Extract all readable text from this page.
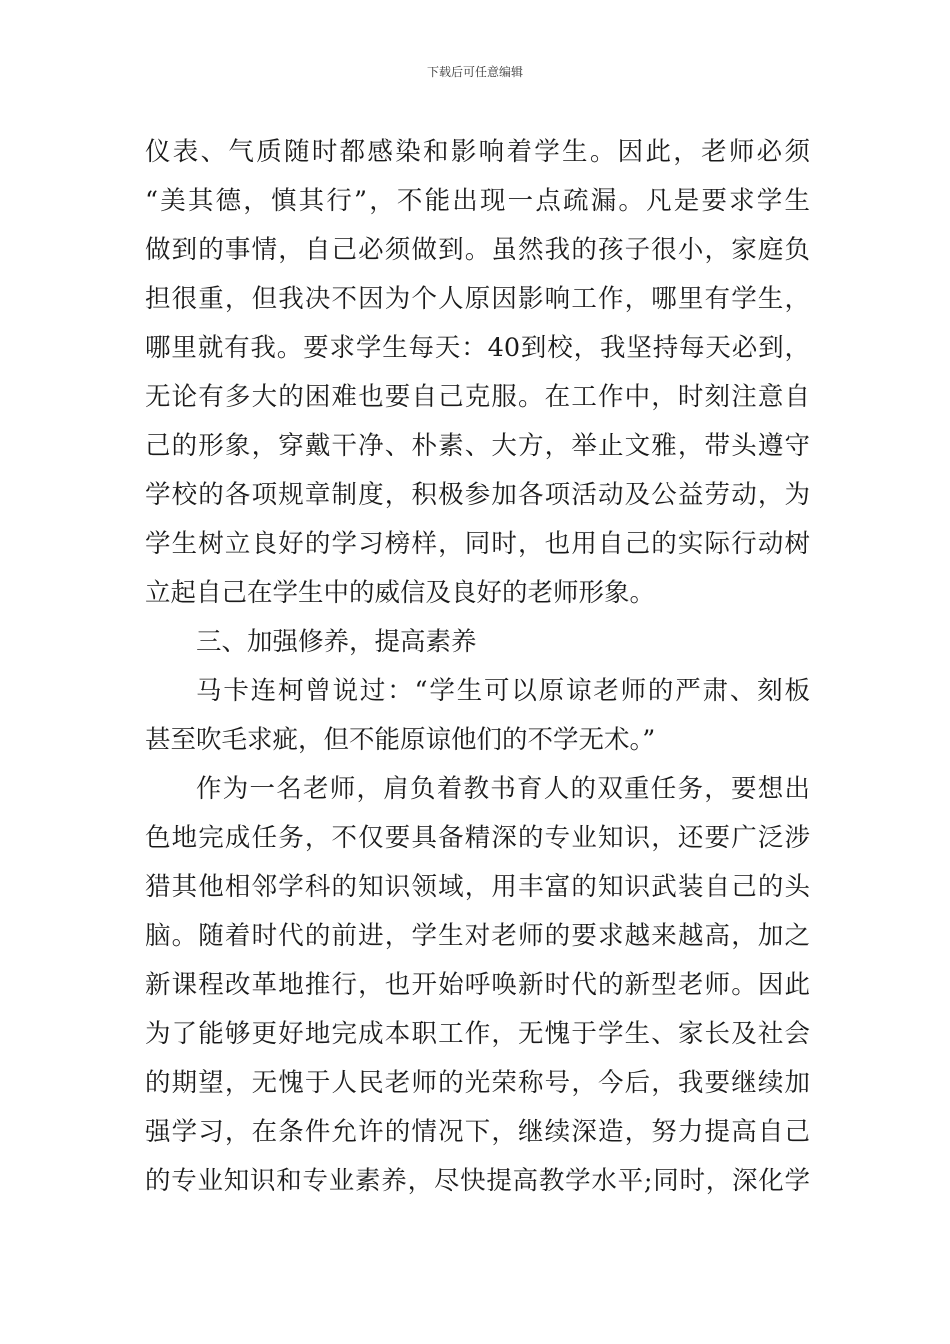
下载后可任意编辑
仪表、气质随时都感染和影响着学生。因此，老师必须
“美其德，慎其行”，不能出现一点疏漏。凡是要求学生
做到的事情，自己必须做到。虽然我的孩子很小，家庭负
担很重，但我决不因为个人原因影响工作，哪里有学生，
哪里就有我。要求学生每天：40到校，我坚持每天必到，
无论有多大的困难也要自己克服。在工作中，时刻注意自
己的形象，穿戴干净、朴素、大方，举止文雅，带头遵守
学校的各项规章制度，积极参加各项活动及公益劳动，为
学生树立良好的学习榜样，同时，也用自己的实际行动树
立起自己在学生中的威信及良好的老师形象。
三、加强修养，提高素养
马卡连柯曾说过：“学生可以原谅老师的严肃、刻板
甚至吹毛求疵，但不能原谅他们的不学无术。”
作为一名老师，肩负着教书育人的双重任务，要想出
色地完成任务，不仅要具备精深的专业知识，还要广泛涉
猎其他相邻学科的知识领域，用丰富的知识武装自己的头
脑。随着时代的前进，学生对老师的要求越来越高，加之
新课程改革地推行，也开始呼唤新时代的新型老师。因此
为了能够更好地完成本职工作，无愧于学生、家长及社会
的期望，无愧于人民老师的光荣称号，今后，我要继续加
强学习，在条件允许的情况下，继续深造，努力提高自己
的专业知识和专业素养，尽快提高教学水平;同时，深化学
